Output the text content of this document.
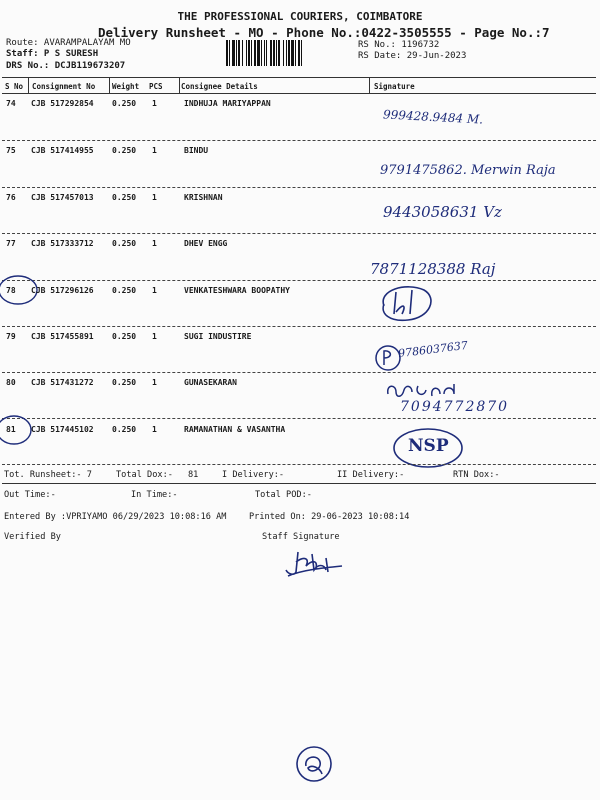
THE PROFESSIONAL COURIERS, COIMBATORE
Delivery Runsheet - MO - Phone No.:0422-3505555 - Page No.:7
Route: AVARAMPALAYAM MO
Staff: P S SURESH
DRS No.: DCJB119673207
RS No.: 1196732
RS Date: 29-Jun-2023
S No Consignment No Weight PCS Consignee Details	Signature
74 CJB 517292854 0.250 1	INDHUJA MARIYAPPAN
999428.9484 M.
75 CJB 517414955 0.250 1	BINDU
9791475862. Merwin Raja
76 CJB 517457013 0.250 1	KRISHNAN
9443058631 Vz
77 CJB 517333712 0.250 1	DHEV ENGG
7871128388 Raj
78 CJB 517296126 0.250 1	VENKATESHWARA BOOPATHY
79 CJB 517455891 0.250 1	SUGI INDUSTIRE
9786037637
80 CJB 517431272 0.250 1	GUNASEKARAN
7094772870
81 CJB 517445102 0.250 1	RAMANATHAN & VASANTHA
NSP
Tot. Runsheet:- 7	Total Dox:- 81	I Delivery:-	II Delivery:-	RTN Dox:-
Out Time:-	In Time:-	Total POD:-
Entered By :VPRIYAMO 06/29/2023 10:08:16 AM	Printed On: 29-06-2023 10:08:14
Verified By	Staff Signature
